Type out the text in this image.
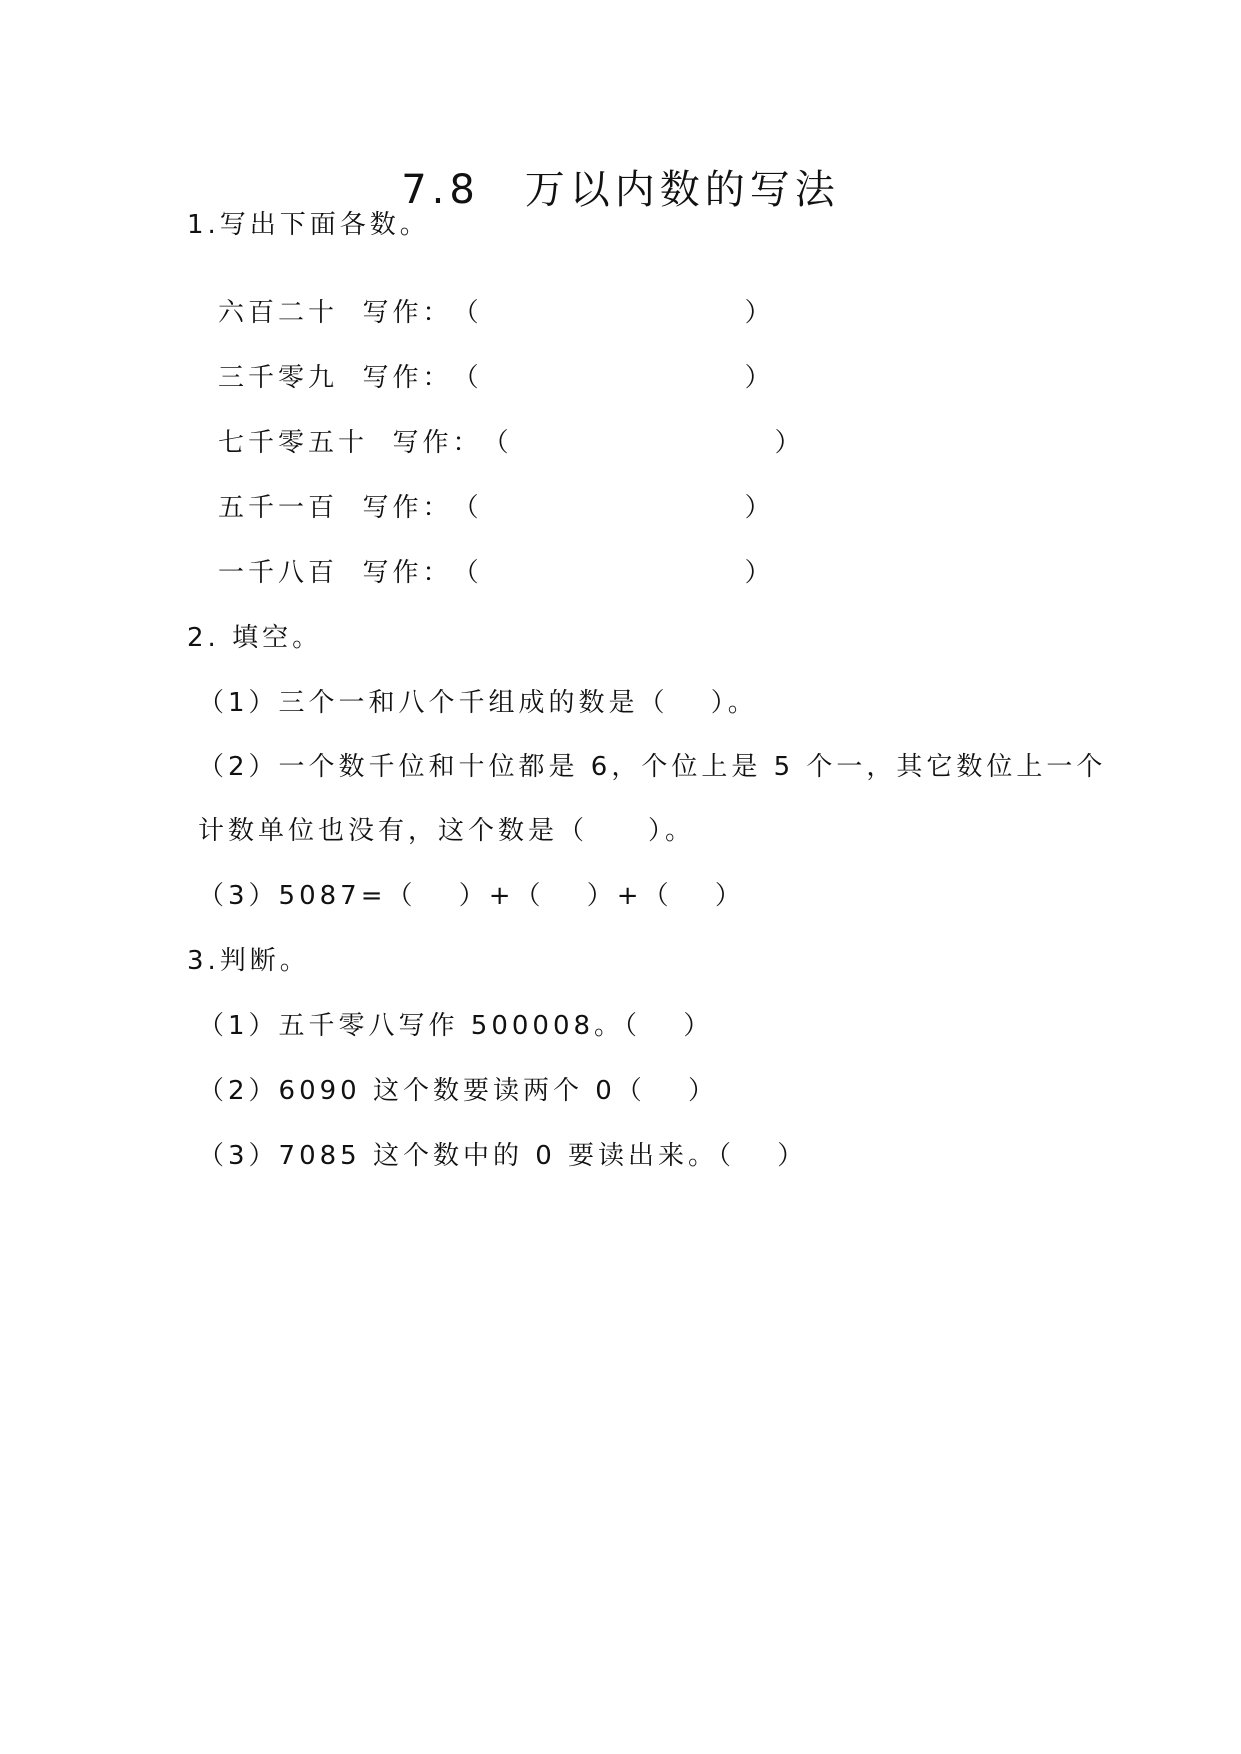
7.8　万以内数的写法
1.写出下面各数。
六百二十 写作：（	）
三千零九 写作：（	）
七千零五十 写作：（	）
五千一百 写作：（	）
一千八百 写作：（	）
2. 填空。
（1）三个一和八个千组成的数是（　 ）。
（2）一个数千位和十位都是 6，个位上是 5 个一，其它数位上一个
计数单位也没有，这个数是（　　）。
（3）5087=（　 ）+（　 ）+（　 ）
3.判断。
（1）五千零八写作 500008。（　 ）
（2）6090 这个数要读两个 0（　 ）
（3）7085 这个数中的 0 要读出来。（　 ）
